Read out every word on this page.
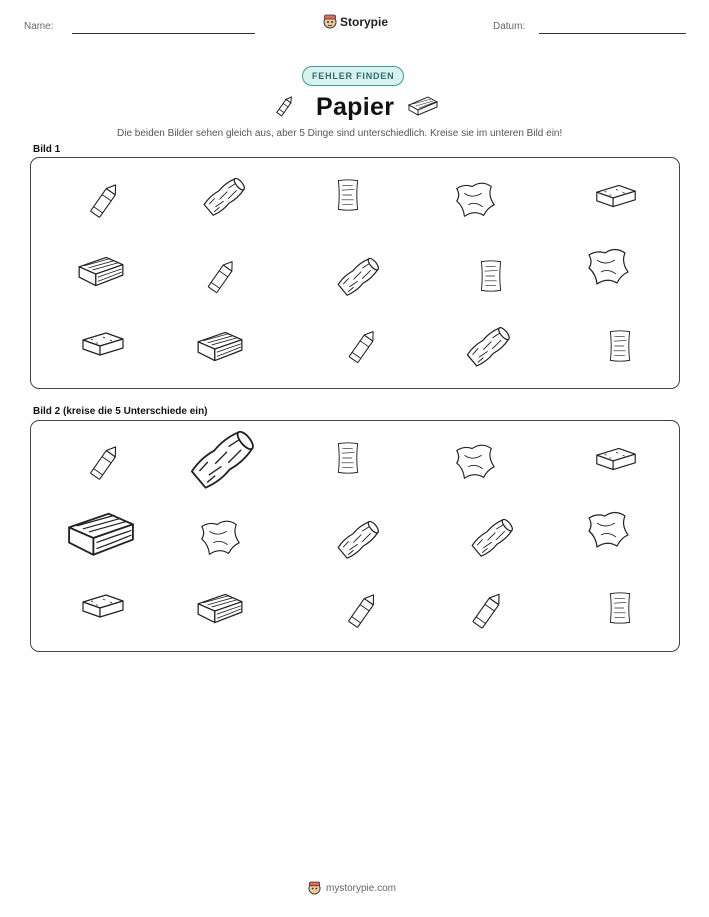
Name:	Storypie	Datum:
FEHLER FINDEN
Papier
Die beiden Bilder sehen gleich aus, aber 5 Dinge sind unterschiedlich. Kreise sie im unteren Bild ein!
Bild 1
Bild 2 (kreise die 5 Unterschiede ein)
mystorypie.com
